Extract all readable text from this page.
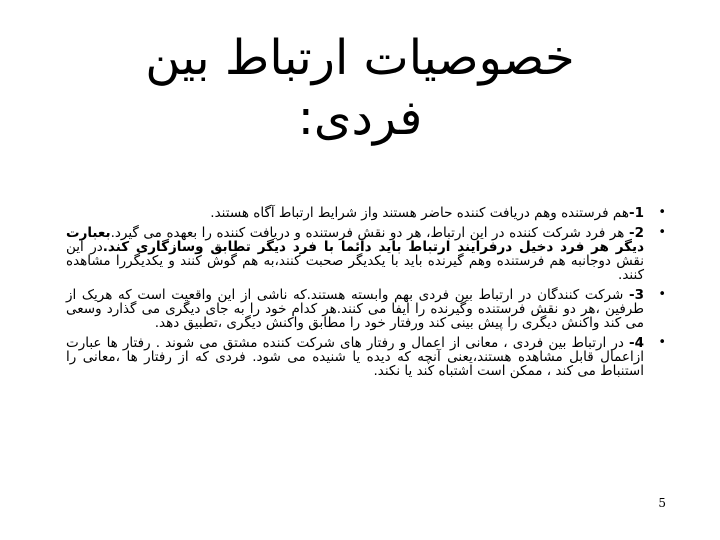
خصوصیات ارتباط بین
فردی:
•
1-هم فرستنده وهم دریافت کننده حاضر هستند واز شرایط ارتباط آگاه هستند.
•
2- هر فرد شرکت کننده در این ارتباط، هر دو نقش فرستنده و دریافت کننده را بعهده می گیرد.بعبارت دیگر هر فرد دخیل درفرایند ارتباط باید دائما با فرد دیگر تطابق وسازگاری کند.در این نقش دوجانبه هم فرستنده وهم گیرنده باید با یکدیگر صحبت کنند،به هم گوش کنند و یکدیگررا مشاهده کنند.
•
3- شرکت کنندگان در ارتباط بین فردی بهم وابسته هستند.که ناشی از این واقعیت است که هریک از طرفین ،هر دو نقش فرستنده وگیرنده را ایفا می کنند.هر کدام خود را به جای دیگری می گذارد وسعی می کند واکنش دیگری را پیش بینی کند ورفتار خود را مطابق واکنش دیگری ،تطبیق دهد.
•
4- در ارتباط بین فردی ، معانی از اعمال و رفتار های شرکت کننده مشتق می شوند . رفتار ها عبارت ازاعمال قابل مشاهده هستند،یعنی آنچه که دیده یا شنیده می شود. فردی که از رفتار ها ،معانی را استنباط می کند ، ممکن است اشتباه کند یا نکند.
5
